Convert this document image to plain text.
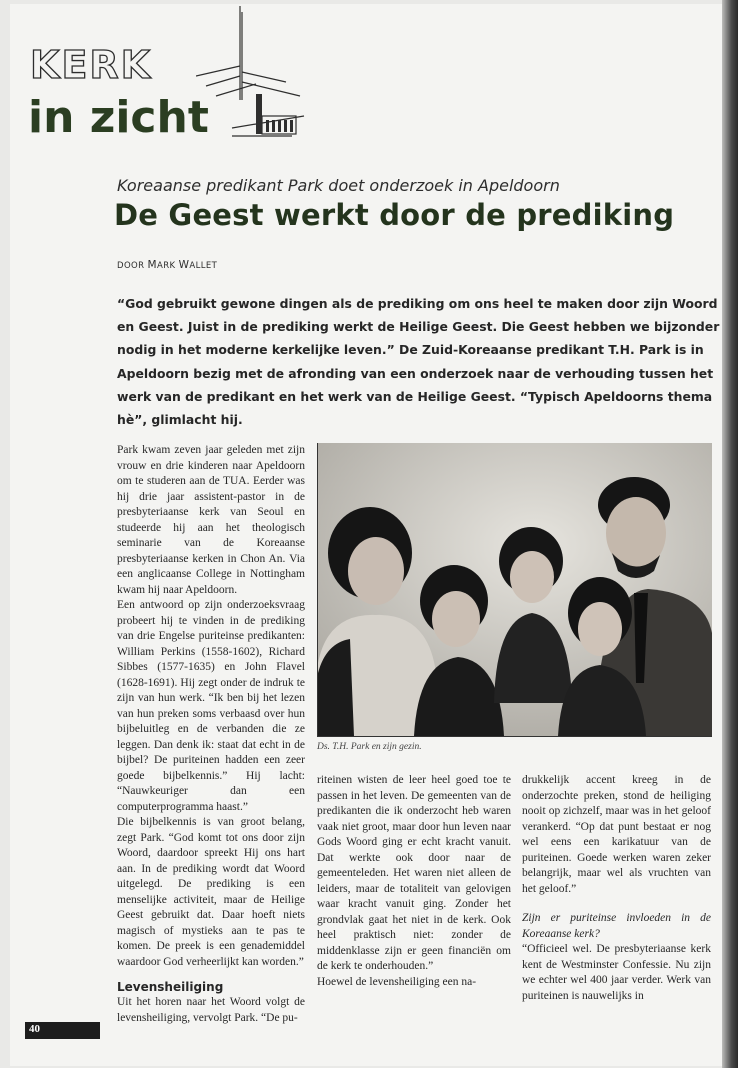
KERK
in zicht
Koreaanse predikant Park doet onderzoek in Apeldoorn
De Geest werkt door de prediking
DOOR MARK WALLET
“God gebruikt gewone dingen als de prediking om ons heel te maken door zijn Woord en Geest. Juist in de prediking werkt de Heilige Geest. Die Geest hebben we bijzonder nodig in het moderne kerkelijke leven.” De Zuid-Koreaanse predikant T.H. Park is in Apeldoorn bezig met de afronding van een onderzoek naar de verhouding tussen het werk van de predikant en het werk van de Heilige Geest. “Typisch Apeldoorns thema hè”, glimlacht hij.

Park kwam zeven jaar geleden met zijn vrouw en drie kinderen naar Apeldoorn om te studeren aan de TUA. Eerder was hij drie jaar assistent-pastor in de presbyteriaanse kerk van Seoul en studeerde hij aan het theologisch seminarie van de Koreaanse presbyteriaanse kerken in Chon An. Via een anglicaanse College in Nottingham kwam hij naar Apeldoorn.

Een antwoord op zijn onderzoeksvraag probeert hij te vinden in de prediking van drie Engelse puriteinse predikanten: William Perkins (1558-1602), Richard Sibbes (1577-1635) en John Flavel (1628-1691). Hij zegt onder de indruk te zijn van hun werk. “Ik ben bij het lezen van hun preken soms verbaasd over hun bijbeluitleg en de verbanden die ze leggen. Dan denk ik: staat dat echt in de bijbel? De puriteinen hadden een zeer goede bijbelkennis.” Hij lacht: “Nauwkeuriger dan een computerprogramma haast.”

Die bijbelkennis is van groot belang, zegt Park. “God komt tot ons door zijn Woord, daardoor spreekt Hij ons hart aan. In de prediking wordt dat Woord uitgelegd. De prediking is een menselijke activiteit, maar de Heilige Geest gebruikt dat. Daar hoeft niets magisch of mystieks aan te pas te komen. De preek is een genademiddel waardoor God verheerlijkt kan worden.”

Levensheiliging

Uit het horen naar het Woord volgt de levensheiliging, vervolgt Park. “De pu-

Ds. T.H. Park en zijn gezin.

riteinen wisten de leer heel goed toe te passen in het leven. De gemeenten van de predikanten die ik onderzocht heb waren vaak niet groot, maar door hun leven naar Gods Woord ging er echt kracht vanuit. Dat werkte ook door naar de gemeenteleden. Het waren niet alleen de leiders, maar de totaliteit van gelovigen waar kracht vanuit ging. Zonder het grondvlak gaat het niet in de kerk. Ook heel praktisch niet: zonder de middenklasse zijn er geen financiën om de kerk te onderhouden.”

Hoewel de levensheiliging een na-

drukkelijk accent kreeg in de onderzochte preken, stond de heiliging nooit op zichzelf, maar was in het geloof verankerd. “Op dat punt bestaat er nog wel eens een karikatuur van de puriteinen. Goede werken waren zeker belangrijk, maar wel als vruchten van het geloof.”

Zijn er puriteinse invloeden in de Koreaanse kerk?

“Officieel wel. De presbyteriaanse kerk kent de Westminster Confessie. Nu zijn we echter wel 400 jaar verder. Werk van puriteinen is nauwelijks in

40
